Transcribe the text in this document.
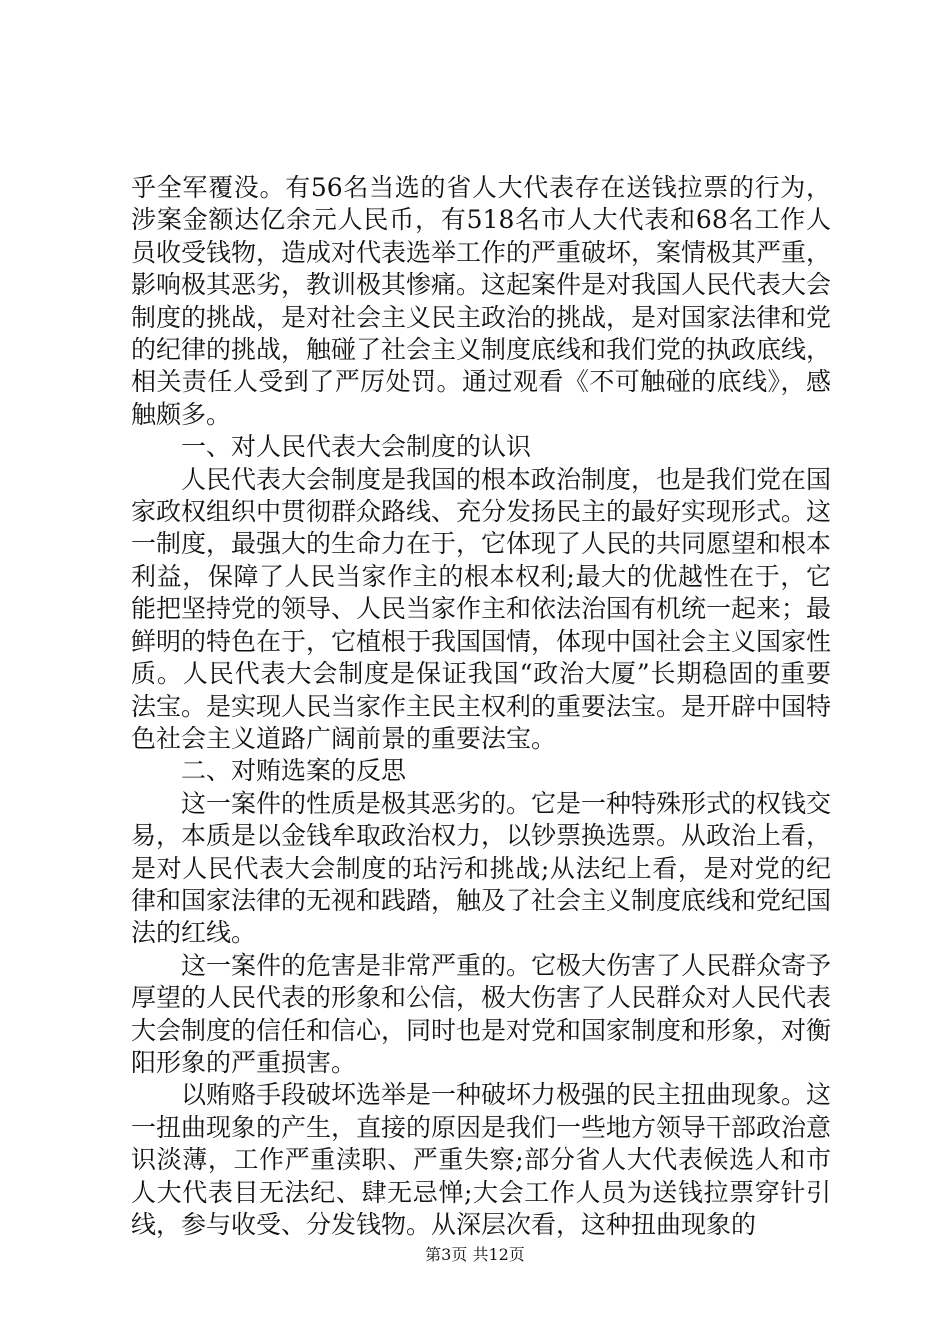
乎全军覆没。有56名当选的省人大代表存在送钱拉票的行为，涉案金额达亿余元人民币，有518名市人大代表和68名工作人员收受钱物，造成对代表选举工作的严重破坏，案情极其严重，影响极其恶劣，教训极其惨痛。这起案件是对我国人民代表大会制度的挑战，是对社会主义民主政治的挑战，是对国家法律和党的纪律的挑战，触碰了社会主义制度底线和我们党的执政底线，相关责任人受到了严厉处罚。通过观看《不可触碰的底线》，感触颇多。

一、对人民代表大会制度的认识

人民代表大会制度是我国的根本政治制度，也是我们党在国家政权组织中贯彻群众路线、充分发扬民主的最好实现形式。这一制度，最强大的生命力在于，它体现了人民的共同愿望和根本利益，保障了人民当家作主的根本权利;最大的优越性在于，它能把坚持党的领导、人民当家作主和依法治国有机统一起来；最鲜明的特色在于，它植根于我国国情，体现中国社会主义国家性质。人民代表大会制度是保证我国“政治大厦”长期稳固的重要法宝。是实现人民当家作主民主权利的重要法宝。是开辟中国特色社会主义道路广阔前景的重要法宝。

二、对贿选案的反思

这一案件的性质是极其恶劣的。它是一种特殊形式的权钱交易，本质是以金钱牟取政治权力，以钞票换选票。从政治上看，是对人民代表大会制度的玷污和挑战;从法纪上看，是对党的纪律和国家法律的无视和践踏，触及了社会主义制度底线和党纪国法的红线。

这一案件的危害是非常严重的。它极大伤害了人民群众寄予厚望的人民代表的形象和公信，极大伤害了人民群众对人民代表大会制度的信任和信心，同时也是对党和国家制度和形象，对衡阳形象的严重损害。

以贿赂手段破坏选举是一种破坏力极强的民主扭曲现象。这一扭曲现象的产生，直接的原因是我们一些地方领导干部政治意识淡薄，工作严重渎职、严重失察;部分省人大代表候选人和市人大代表目无法纪、肆无忌惮;大会工作人员为送钱拉票穿针引线，参与收受、分发钱物。从深层次看，这种扭曲现象的

第3页 共12页
